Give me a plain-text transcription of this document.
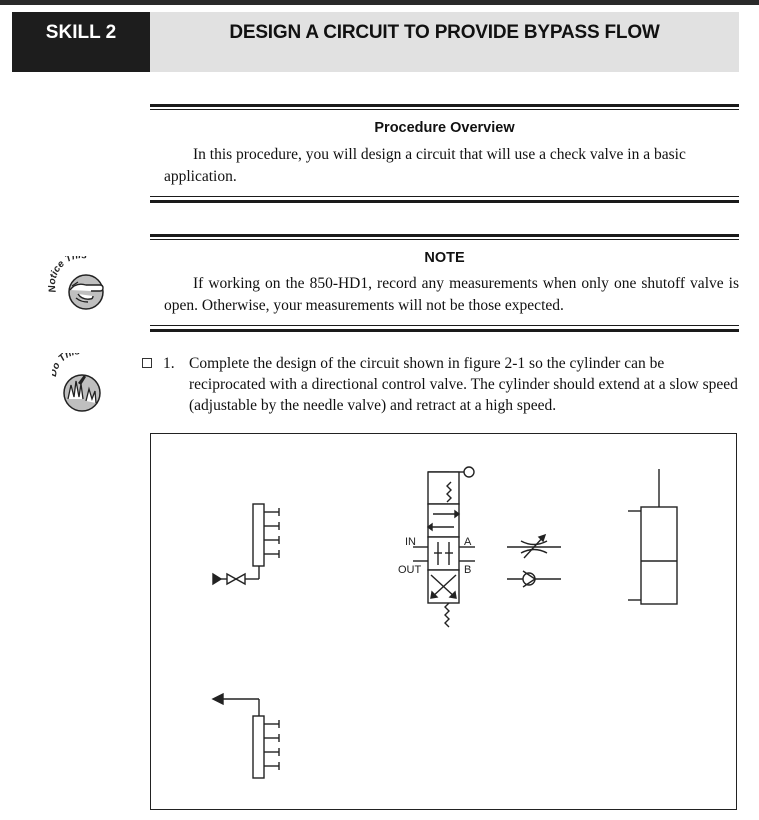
SKILL 2	DESIGN A CIRCUIT TO PROVIDE BYPASS FLOW
Procedure Overview
In this procedure, you will design a circuit that will use a check valve in a basic application.
NOTE
If working on the 850-HD1, record any measurements when only one shutoff valve is open. Otherwise, your measurements will not be those expected.
Notice Th
Th
1. Complete the design of the circuit shown in figure 2-1 so the cylinder can be reciprocated with a directional control valve. The cylinder should extend at a slow speed (adjustable by the needle valve) and retract at a high speed.
IN
OUT
A
B
